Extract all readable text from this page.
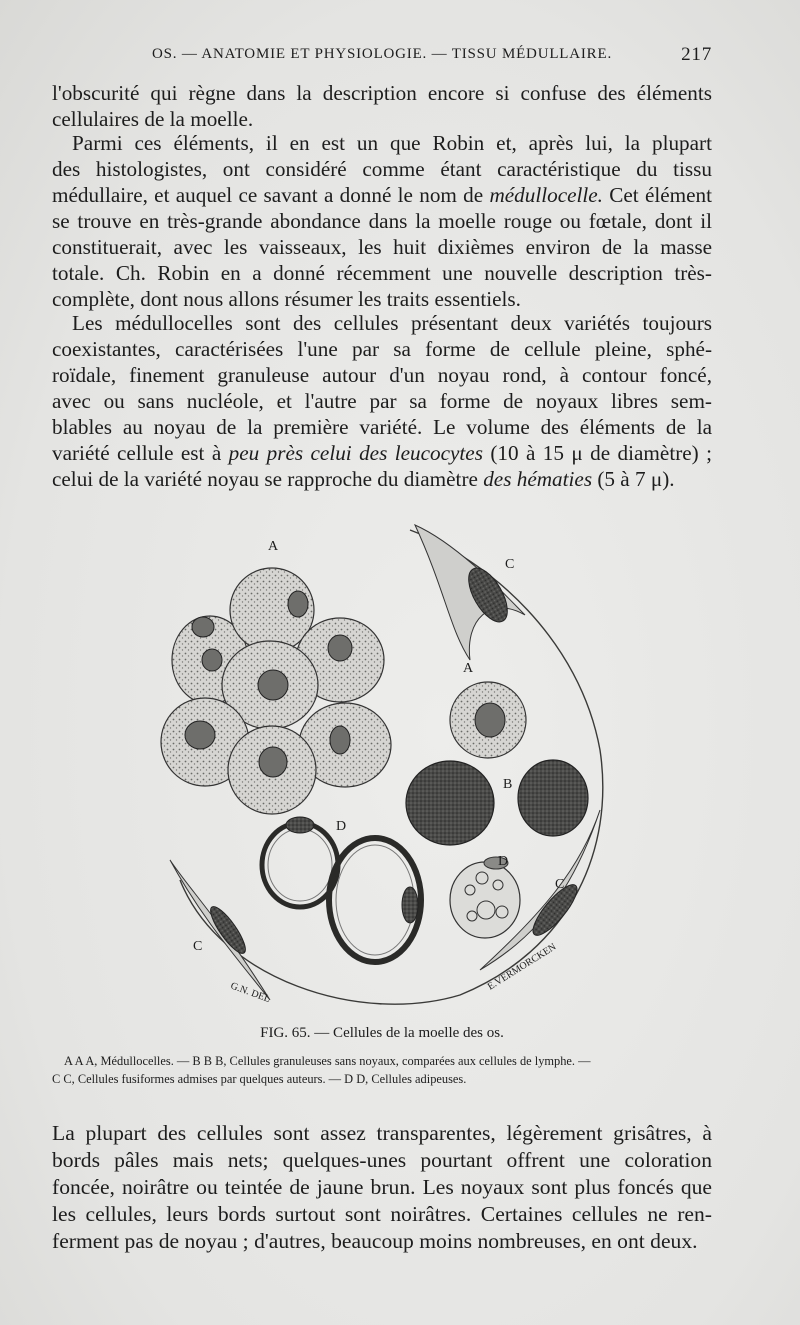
OS. — ANATOMIE ET PHYSIOLOGIE. — TISSU MÉDULLAIRE.	217
l'obscurité qui règne dans la description encore si confuse des éléments
cellulaires de la moelle.
Parmi ces éléments, il en est un que Robin et, après lui, la plupart
des histologistes, ont considéré comme étant caractéristique du tissu
médullaire, et auquel ce savant a donné le nom de médullocelle. Cet élément
se trouve en très-grande abondance dans la moelle rouge ou fœtale, dont il
constituerait, avec les vaisseaux, les huit dixièmes environ de la masse
totale. Ch. Robin en a donné récemment une nouvelle description très-
complète, dont nous allons résumer les traits essentiels.
Les médullocelles sont des cellules présentant deux variétés toujours
coexistantes, caractérisées l'une par sa forme de cellule pleine, sphé-
roïdale, finement granuleuse autour d'un noyau rond, à contour foncé,
avec ou sans nucléole, et l'autre par sa forme de noyaux libres sem-
blables au noyau de la première variété. Le volume des éléments de la
variété cellule est à peu près celui des leucocytes (10 à 15 μ de diamètre) ;
celui de la variété noyau se rapproche du diamètre des hématies (5 à 7 μ).
A
C
A
B
D
D
C
C
G.N. DEL
E.VERMORCKEN
FIG. 65. — Cellules de la moelle des os.
A A A, Médullocelles. — B B B, Cellules granuleuses sans noyaux, comparées aux cellules de lymphe. —
C C, Cellules fusiformes admises par quelques auteurs. — D D, Cellules adipeuses.
La plupart des cellules sont assez transparentes, légèrement grisâtres, à
bords pâles mais nets; quelques-unes pourtant offrent une coloration
foncée, noirâtre ou teintée de jaune brun. Les noyaux sont plus foncés que
les cellules, leurs bords surtout sont noirâtres. Certaines cellules ne ren-
ferment pas de noyau ; d'autres, beaucoup moins nombreuses, en ont deux.
